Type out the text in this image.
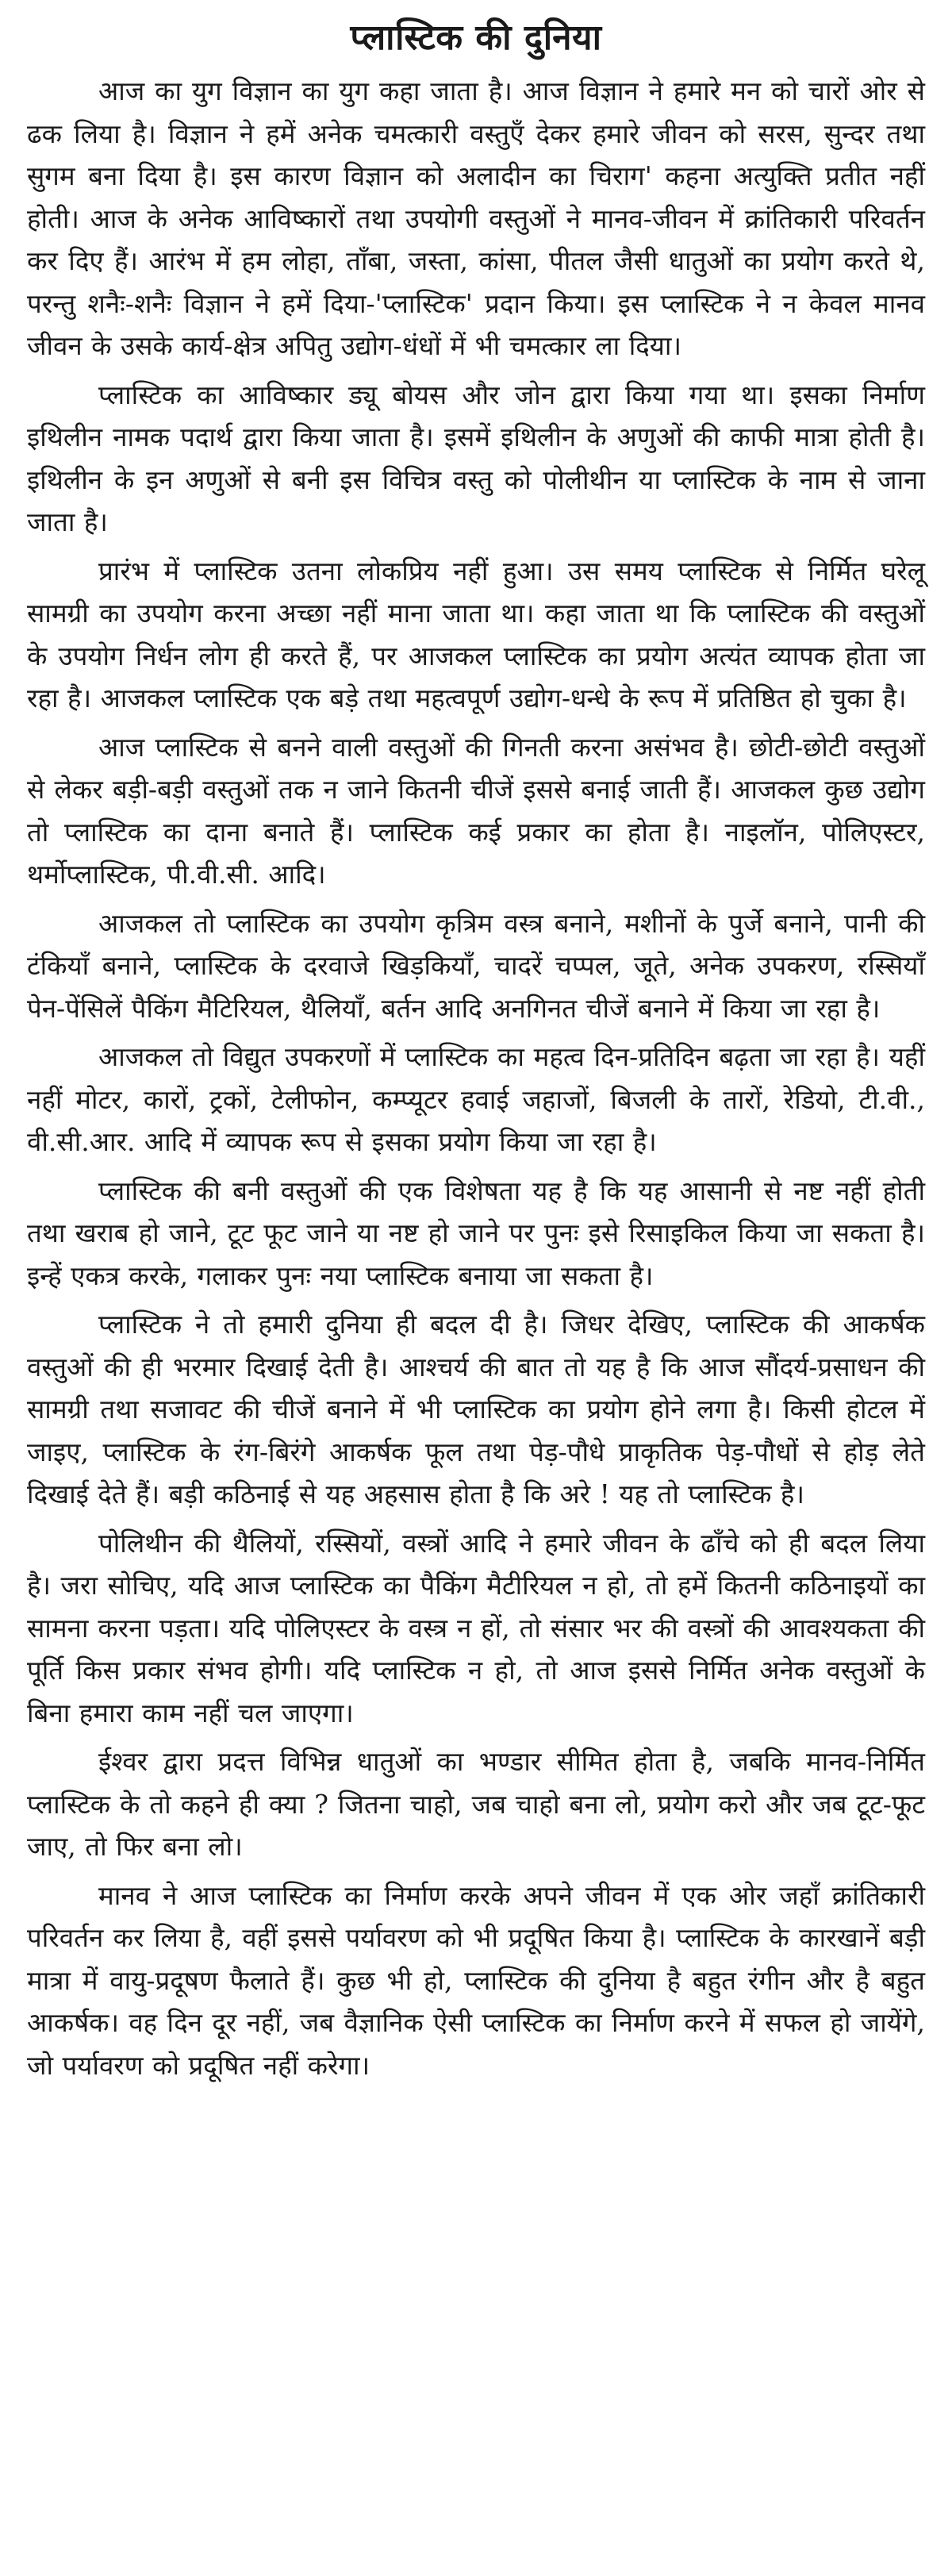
प्लास्टिक की दुनिया

आज का युग विज्ञान का युग कहा जाता है। आज विज्ञान ने हमारे मन को चारों ओर से ढक लिया है। विज्ञान ने हमें अनेक चमत्कारी वस्तुएँ देकर हमारे जीवन को सरस, सुन्दर तथा सुगम बना दिया है। इस कारण विज्ञान को अलादीन का चिराग' कहना अत्युक्ति प्रतीत नहीं होती। आज के अनेक आविष्कारों तथा उपयोगी वस्तुओं ने मानव-जीवन में क्रांतिकारी परिवर्तन कर दिए हैं। आरंभ में हम लोहा, ताँबा, जस्ता, कांसा, पीतल जैसी धातुओं का प्रयोग करते थे, परन्तु शनैः-शनैः विज्ञान ने हमें दिया-'प्लास्टिक' प्रदान किया। इस प्लास्टिक ने न केवल मानव जीवन के उसके कार्य-क्षेत्र अपितु उद्योग-धंधों में भी चमत्कार ला दिया।

प्लास्टिक का आविष्कार ड्यू बोयस और जोन द्वारा किया गया था। इसका निर्माण इथिलीन नामक पदार्थ द्वारा किया जाता है। इसमें इथिलीन के अणुओं की काफी मात्रा होती है। इथिलीन के इन अणुओं से बनी इस विचित्र वस्तु को पोलीथीन या प्लास्टिक के नाम से जाना जाता है।

प्रारंभ में प्लास्टिक उतना लोकप्रिय नहीं हुआ। उस समय प्लास्टिक से निर्मित घरेलू सामग्री का उपयोग करना अच्छा नहीं माना जाता था। कहा जाता था कि प्लास्टिक की वस्तुओं के उपयोग निर्धन लोग ही करते हैं, पर आजकल प्लास्टिक का प्रयोग अत्यंत व्यापक होता जा रहा है। आजकल प्लास्टिक एक बड़े तथा महत्वपूर्ण उद्योग-धन्धे के रूप में प्रतिष्ठित हो चुका है।

आज प्लास्टिक से बनने वाली वस्तुओं की गिनती करना असंभव है। छोटी-छोटी वस्तुओं से लेकर बड़ी-बड़ी वस्तुओं तक न जाने कितनी चीजें इससे बनाई जाती हैं। आजकल कुछ उद्योग तो प्लास्टिक का दाना बनाते हैं। प्लास्टिक कई प्रकार का होता है। नाइलॉन, पोलिएस्टर, थर्मोप्लास्टिक, पी.वी.सी. आदि।

आजकल तो प्लास्टिक का उपयोग कृत्रिम वस्त्र बनाने, मशीनों के पुर्जे बनाने, पानी की टंकियाँ बनाने, प्लास्टिक के दरवाजे खिड़कियाँ, चादरें चप्पल, जूते, अनेक उपकरण, रस्सियाँ पेन-पेंसिलें पैकिंग मैटिरियल, थैलियाँ, बर्तन आदि अनगिनत चीजें बनाने में किया जा रहा है।

आजकल तो विद्युत उपकरणों में प्लास्टिक का महत्व दिन-प्रतिदिन बढ़ता जा रहा है। यहीं नहीं मोटर, कारों, ट्रकों, टेलीफोन, कम्प्यूटर हवाई जहाजों, बिजली के तारों, रेडियो, टी.वी., वी.सी.आर. आदि में व्यापक रूप से इसका प्रयोग किया जा रहा है।

प्लास्टिक की बनी वस्तुओं की एक विशेषता यह है कि यह आसानी से नष्ट नहीं होती तथा खराब हो जाने, टूट फूट जाने या नष्ट हो जाने पर पुनः इसे रिसाइकिल किया जा सकता है। इन्हें एकत्र करके, गलाकर पुनः नया प्लास्टिक बनाया जा सकता है।

प्लास्टिक ने तो हमारी दुनिया ही बदल दी है। जिधर देखिए, प्लास्टिक की आकर्षक वस्तुओं की ही भरमार दिखाई देती है। आश्चर्य की बात तो यह है कि आज सौंदर्य-प्रसाधन की सामग्री तथा सजावट की चीजें बनाने में भी प्लास्टिक का प्रयोग होने लगा है। किसी होटल में जाइए, प्लास्टिक के रंग-बिरंगे आकर्षक फूल तथा पेड़-पौधे प्राकृतिक पेड़-पौधों से होड़ लेते दिखाई देते हैं। बड़ी कठिनाई से यह अहसास होता है कि अरे ! यह तो प्लास्टिक है।

पोलिथीन की थैलियों, रस्सियों, वस्त्रों आदि ने हमारे जीवन के ढाँचे को ही बदल लिया है। जरा सोचिए, यदि आज प्लास्टिक का पैकिंग मैटीरियल न हो, तो हमें कितनी कठिनाइयों का सामना करना पड़ता। यदि पोलिएस्टर के वस्त्र न हों, तो संसार भर की वस्त्रों की आवश्यकता की पूर्ति किस प्रकार संभव होगी। यदि प्लास्टिक न हो, तो आज इससे निर्मित अनेक वस्तुओं के बिना हमारा काम नहीं चल जाएगा।

ईश्वर द्वारा प्रदत्त विभिन्न धातुओं का भण्डार सीमित होता है, जबकि मानव-निर्मित प्लास्टिक के तो कहने ही क्या ? जितना चाहो, जब चाहो बना लो, प्रयोग करो और जब टूट-फूट जाए, तो फिर बना लो।

मानव ने आज प्लास्टिक का निर्माण करके अपने जीवन में एक ओर जहाँ क्रांतिकारी परिवर्तन कर लिया है, वहीं इससे पर्यावरण को भी प्रदूषित किया है। प्लास्टिक के कारखानें बड़ी मात्रा में वायु-प्रदूषण फैलाते हैं। कुछ भी हो, प्लास्टिक की दुनिया है बहुत रंगीन और है बहुत आकर्षक। वह दिन दूर नहीं, जब वैज्ञानिक ऐसी प्लास्टिक का निर्माण करने में सफल हो जायेंगे, जो पर्यावरण को प्रदूषित नहीं करेगा।
